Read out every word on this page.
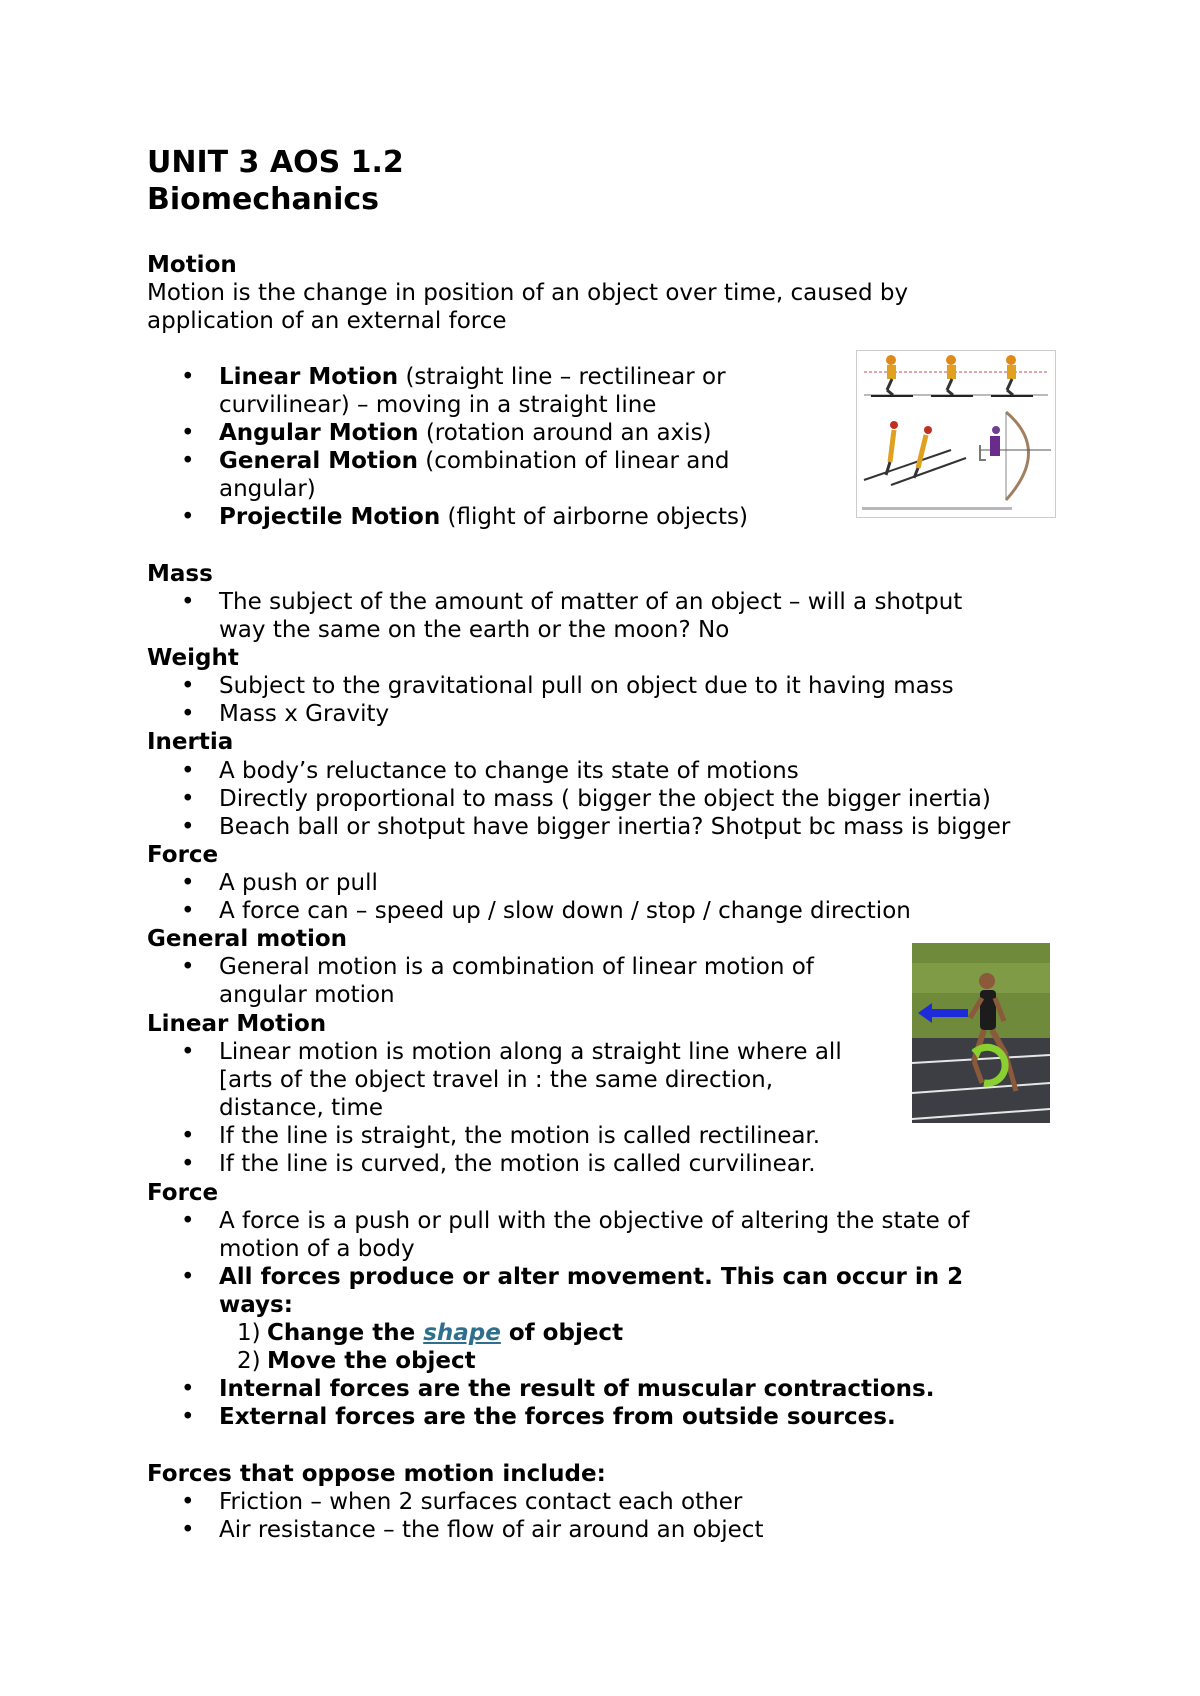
UNIT 3 AOS 1.2
Biomechanics

Motion

Motion is the change in position of an object over time, caused by

application of an external force

• Linear Motion (straight line – rectilinear or

curvilinear) – moving in a straight line

• Angular Motion (rotation around an axis)

• General Motion (combination of linear and

angular)

• Projectile Motion (flight of airborne objects)

Mass

• The subject of the amount of matter of an object – will a shotput

way the same on the earth or the moon? No

Weight

• Subject to the gravitational pull on object due to it having mass

• Mass x Gravity

Inertia

• A body’s reluctance to change its state of motions

• Directly proportional to mass ( bigger the object the bigger inertia)

• Beach ball or shotput have bigger inertia? Shotput bc mass is bigger

Force

• A push or pull

• A force can – speed up / slow down / stop / change direction

General motion

• General motion is a combination of linear motion of

angular motion

Linear Motion

• Linear motion is motion along a straight line where all

[arts of the object travel in : the same direction,

distance, time

• If the line is straight, the motion is called rectilinear.

• If the line is curved, the motion is called curvilinear.

Force

• A force is a push or pull with the objective of altering the state of

motion of a body

• All forces produce or alter movement. This can occur in 2

ways:

1) Change the shape of object

2) Move the object

• Internal forces are the result of muscular contractions.

• External forces are the forces from outside sources.

Forces that oppose motion include:

• Friction – when 2 surfaces contact each other

• Air resistance – the flow of air around an object
